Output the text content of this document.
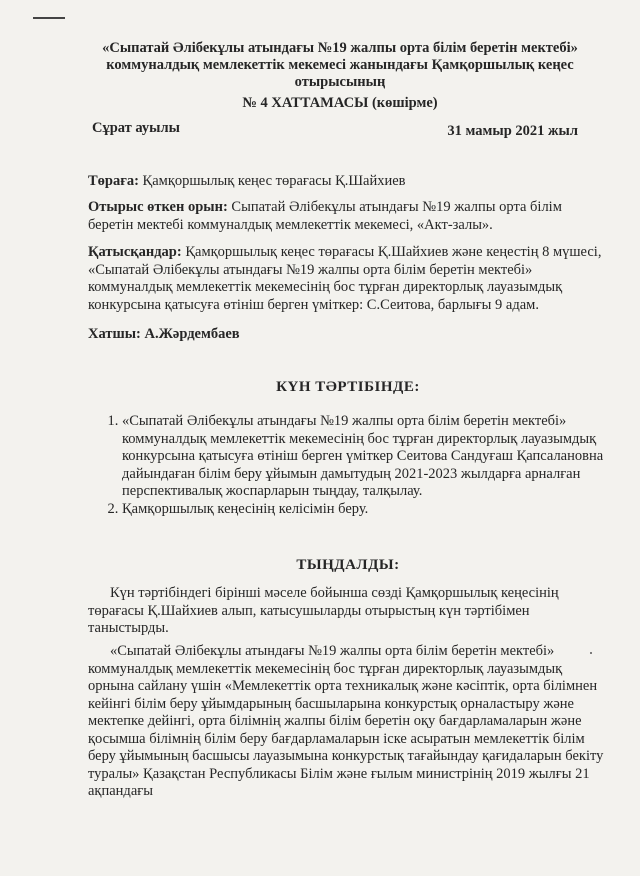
«Сыпатай Әлібекұлы атындағы №19 жалпы орта білім беретін мектебі» коммуналдық мемлекеттік мекемесі жанындағы Қамқоршылық кеңес отырысының
№ 4 ХАТТАМАСЫ (көшірме)
Сұрат ауылы	31 мамыр 2021 жыл
Төраға: Қамқоршылық кеңес төрағасы Қ.Шайхиев
Отырыс өткен орын: Сыпатай Әлібекұлы атындағы №19 жалпы орта білім беретін мектебі коммуналдық мемлекеттік мекемесі, «Акт-залы».
Қатысқандар: Қамқоршылық кеңес төрағасы Қ.Шайхиев және кеңестің 8 мүшесі, «Сыпатай Әлібекұлы атындағы №19 жалпы орта білім беретін мектебі» коммуналдық мемлекеттік мекемесінің бос тұрған директорлық лауазымдық конкурсына қатысуға өтініш берген үміткер: С.Сеитова, барлығы 9 адам.
Хатшы: А.Жәрдембаев
КҮН ТӘРТІБІНДЕ:
1. «Сыпатай Әлібекұлы атындағы №19 жалпы орта білім беретін мектебі» коммуналдық мемлекеттік мекемесінің бос тұрған директорлық лауазымдық конкурсына қатысуға өтініш берген үміткер Сеитова Сандуғаш Қапсалановна дайындаған білім беру ұйымын дамытудың 2021-2023 жылдарға арналған перспективалық жоспарларын тыңдау, талқылау.
2. Қамқоршылық кеңесінің келісімін беру.
ТЫҢДАЛДЫ:
Күн тәртібіндегі бірінші мәселе бойынша сөзді Қамқоршылық кеңесінің төрағасы Қ.Шайхиев алып, катысушыларды отырыстың күн тәртібімен таныстырды.
«Сыпатай Әлібекұлы атындағы №19 жалпы орта білім беретін мектебі» коммуналдық мемлекеттік мекемесінің бос тұрған директорлық лауазымдық орнына сайлану үшін «Мемлекеттік орта техникалық және кәсіптік, орта білімнен кейінгі білім беру ұйымдарының басшыларына конкурстық орналастыру және мектепке дейінгі, орта білімнің жалпы білім беретін оқу бағдарламаларын және қосымша білімнің білім беру бағдарламаларын іске асыратын мемлекеттік білім беру ұйымының басшысы лауазымына конкурстық тағайындау қағидаларын бекіту туралы» Қазақстан Республикасы Білім және ғылым министрінің 2019 жылғы 21 ақпандағы
